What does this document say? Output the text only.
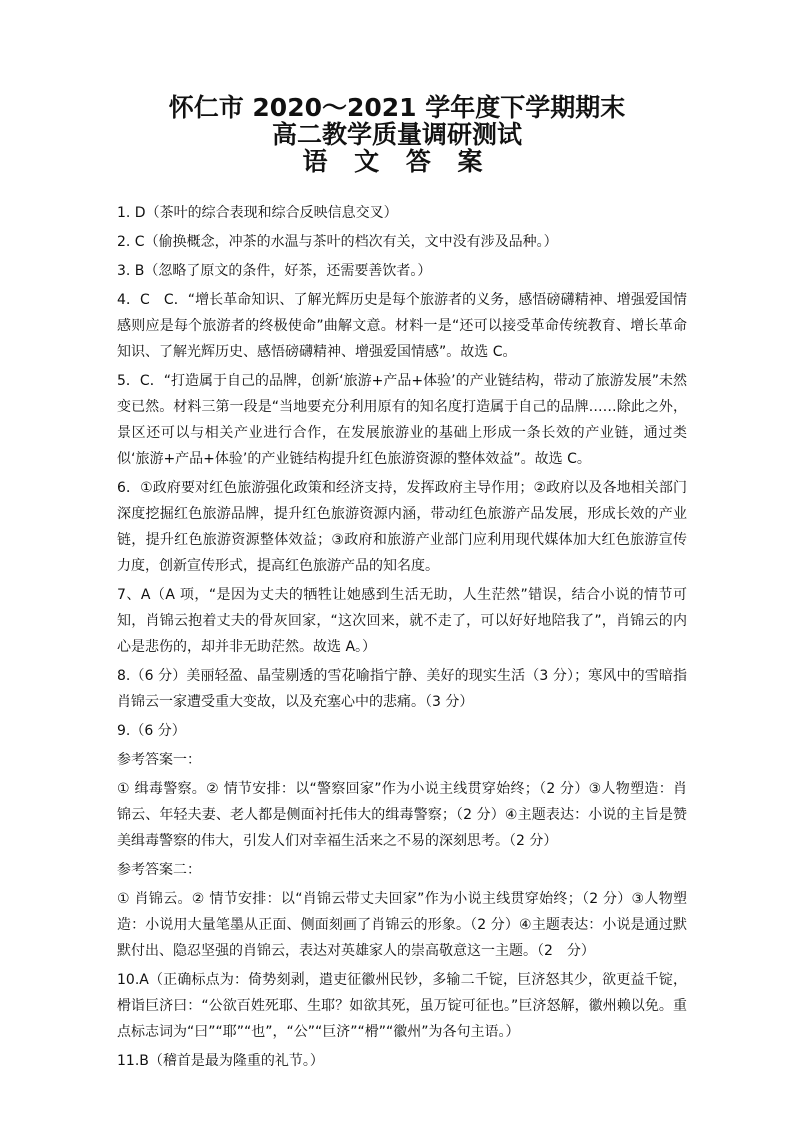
怀仁市 2020～2021 学年度下学期期末

高二教学质量调研测试

语 文 答 案

1. D（茶叶的综合表现和综合反映信息交叉）

2. C（偷换概念，冲茶的水温与茶叶的档次有关，文中没有涉及品种。）

3. B（忽略了原文的条件，好茶，还需要善饮者。）

4．C　C．“增长革命知识、了解光辉历史是每个旅游者的义务，感悟磅礴精神、增强爱国情感则应是每个旅游者的终极使命”曲解文意。材料一是“还可以接受革命传统教育、增长革命知识、了解光辉历史、感悟磅礴精神、增强爱国情感”。故选 C。

5．C．“打造属于自己的品牌，创新‘旅游+产品+体验’的产业链结构，带动了旅游发展”未然变已然。材料三第一段是“当地要充分利用原有的知名度打造属于自己的品牌……除此之外，景区还可以与相关产业进行合作，在发展旅游业的基础上形成一条长效的产业链，通过类似‘旅游+产品+体验’的产业链结构提升红色旅游资源的整体效益”。故选 C。

6．①政府要对红色旅游强化政策和经济支持，发挥政府主导作用；②政府以及各地相关部门深度挖掘红色旅游品牌，提升红色旅游资源内涵，带动红色旅游产品发展，形成长效的产业链，提升红色旅游资源整体效益；③政府和旅游产业部门应利用现代媒体加大红色旅游宣传力度，创新宣传形式，提高红色旅游产品的知名度。

7、A（A 项，“是因为丈夫的牺牲让她感到生活无助，人生茫然”错误，结合小说的情节可知，肖锦云抱着丈夫的骨灰回家，“这次回来，就不走了，可以好好地陪我了”，肖锦云的内心是悲伤的，却并非无助茫然。故选 A。）

8.（6 分）美丽轻盈、晶莹剔透的雪花喻指宁静、美好的现实生活（3 分）；寒风中的雪暗指肖锦云一家遭受重大变故，以及充塞心中的悲痛。（3 分）

9.（6 分）

参考答案一：

① 缉毒警察。② 情节安排：以“警察回家”作为小说主线贯穿始终；（2 分）③人物塑造：肖锦云、年轻夫妻、老人都是侧面衬托伟大的缉毒警察；（2 分）④主题表达：小说的主旨是赞美缉毒警察的伟大，引发人们对幸福生活来之不易的深刻思考。（2 分）

参考答案二：

① 肖锦云。② 情节安排：以“肖锦云带丈夫回家”作为小说主线贯穿始终；（2 分）③人物塑造：小说用大量笔墨从正面、侧面刻画了肖锦云的形象。（2 分）④主题表达：小说是通过默默付出、隐忍坚强的肖锦云，表达对英雄家人的崇高敬意这一主题。（2　分）

10.A（正确标点为：倚势刻剥，遣吏征徽州民钞，多输二千锭，巨济怒其少，欲更益千锭，榾诣巨济曰：“公欲百姓死耶、生耶？如欲其死，虽万锭可征也。”巨济怒解，徽州赖以免。重点标志词为“曰”“耶”“也”，“公”“巨济”“榾”“徽州”为各句主语。）

11.B（稽首是最为隆重的礼节。）
